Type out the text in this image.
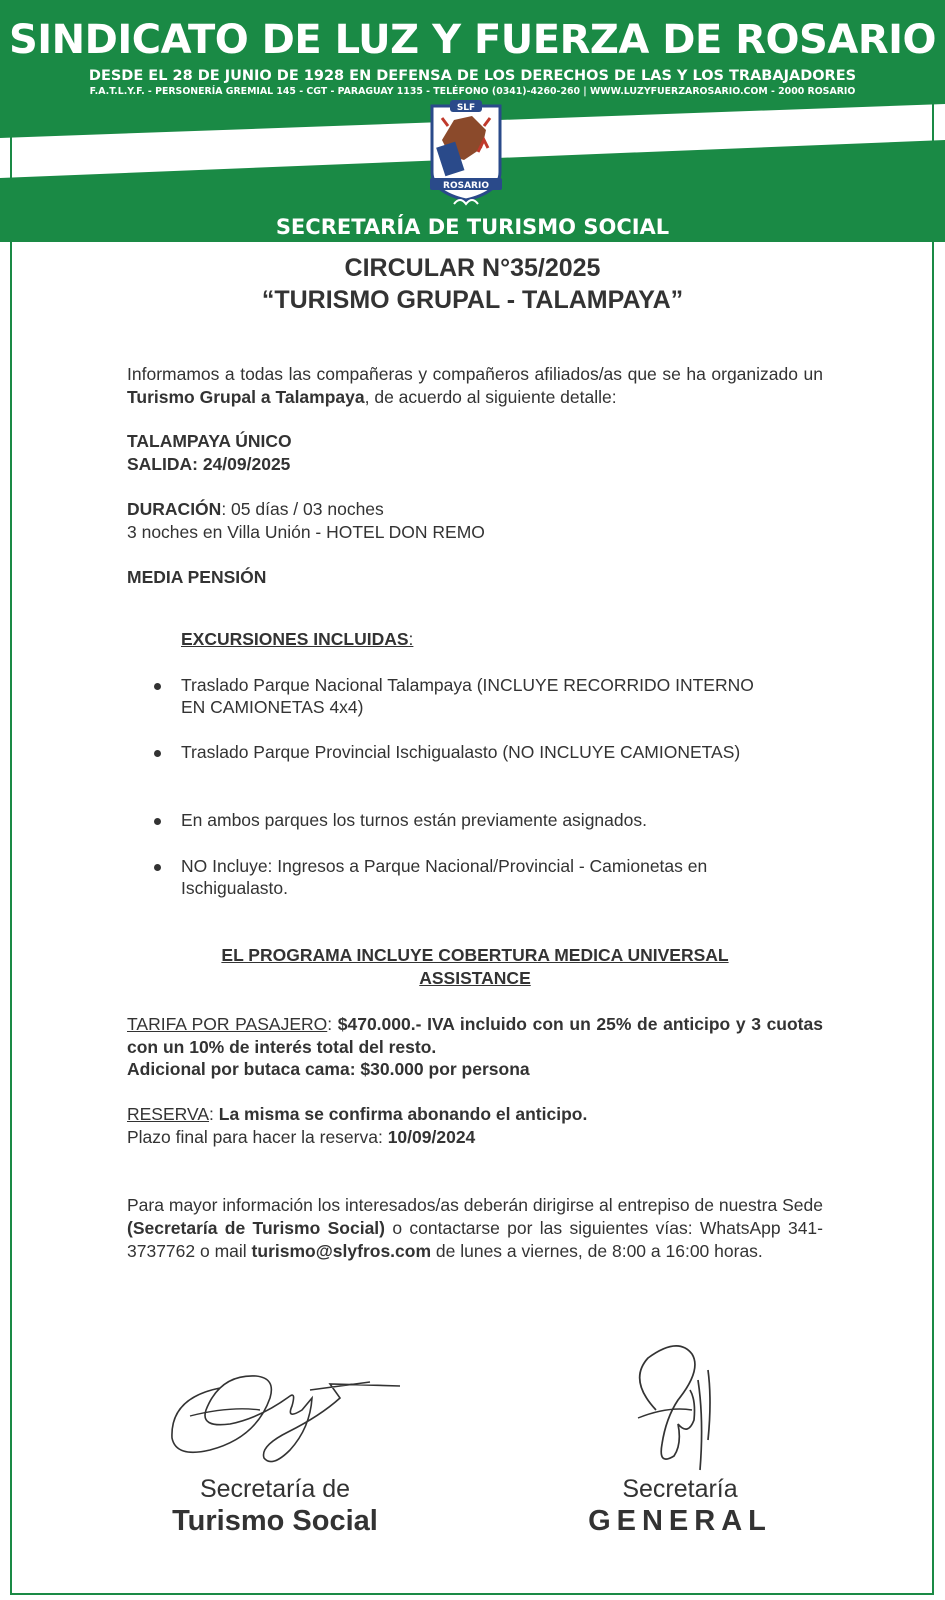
SINDICATO DE LUZ Y FUERZA DE ROSARIO
DESDE EL 28 DE JUNIO DE 1928 EN DEFENSA DE LOS DERECHOS DE LAS Y LOS TRABAJADORES
F.A.T.L.Y.F. - PERSONERÍA GREMIAL 145 - CGT - PARAGUAY 1135 - TELÉFONO (0341)-4260-260 | WWW.LUZYFUERZAROSARIO.COM - 2000 ROSARIO
SLF
ROSARIO
SECRETARÍA DE TURISMO SOCIAL
CIRCULAR N°35/2025
“TURISMO GRUPAL - TALAMPAYA”
Informamos a todas las compañeras y compañeros afiliados/as que se ha organizado un Turismo Grupal a Talampaya, de acuerdo al siguiente detalle:
TALAMPAYA ÚNICO
SALIDA: 24/09/2025
DURACIÓN: 05 días / 03 noches
3 noches en Villa Unión - HOTEL DON REMO
MEDIA PENSIÓN
EXCURSIONES INCLUIDAS:
Traslado Parque Nacional Talampaya (INCLUYE RECORRIDO INTERNO EN CAMIONETAS 4x4)
Traslado Parque Provincial Ischigualasto (NO INCLUYE CAMIONETAS)
En ambos parques los turnos están previamente asignados.
NO Incluye: Ingresos a Parque Nacional/Provincial - Camionetas en Ischigualasto.
EL PROGRAMA INCLUYE COBERTURA MEDICA UNIVERSAL
ASSISTANCE
TARIFA POR PASAJERO: $470.000.- IVA incluido con un 25% de anticipo y 3 cuotas con un 10% de interés total del resto.
Adicional por butaca cama: $30.000 por persona
RESERVA: La misma se confirma abonando el anticipo.
Plazo final para hacer la reserva: 10/09/2024
Para mayor información los interesados/as deberán dirigirse al entrepiso de nuestra Sede (Secretaría de Turismo Social) o contactarse por las siguientes vías: WhatsApp 341-3737762 o mail turismo@slyfros.com de lunes a viernes, de 8:00 a 16:00 horas.
Secretaría de
Turismo Social
Secretaría
GENERAL
